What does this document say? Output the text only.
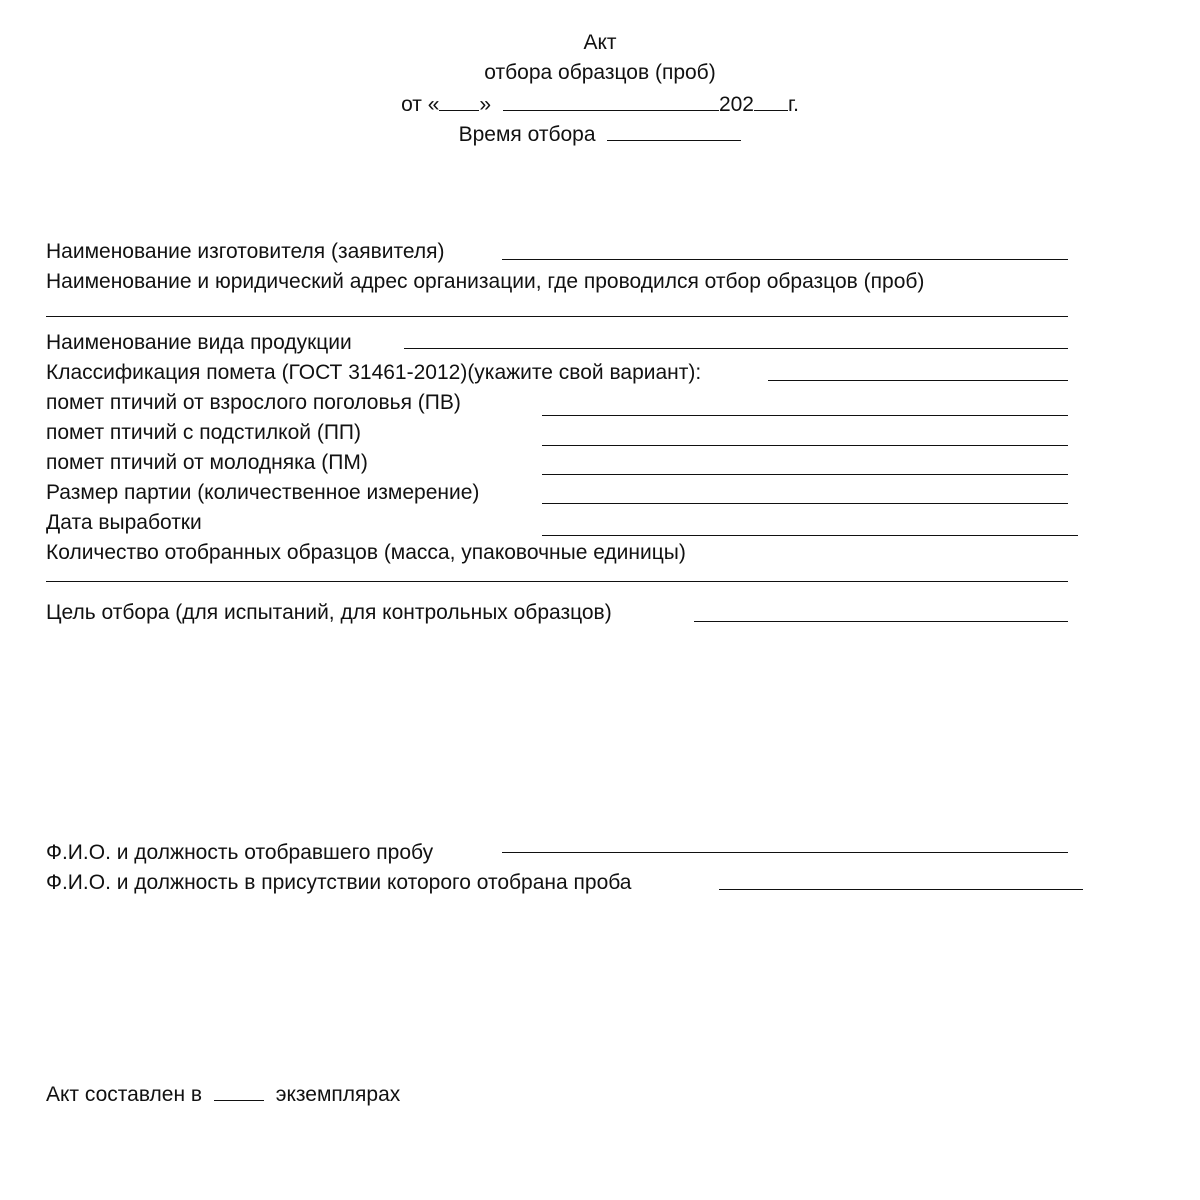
Акт
отбора образцов (проб)
от « »	202 г.
Время отбора
Наименование изготовителя (заявителя)
Наименование и юридический адрес организации, где проводился отбор образцов (проб)
Наименование вида продукции
Классификация помета (ГОСТ 31461-2012)(укажите свой вариант):
помет птичий от взрослого поголовья (ПВ)
помет птичий с подстилкой (ПП)
помет птичий от молодняка (ПМ)
Размер партии (количественное измерение)
Дата выработки
Количество отобранных образцов (масса, упаковочные единицы)
Цель отбора (для испытаний, для контрольных образцов)
Ф.И.О. и должность отобравшего пробу
Ф.И.О. и должность в присутствии которого отобрана проба
Акт составлен в	экземплярах
